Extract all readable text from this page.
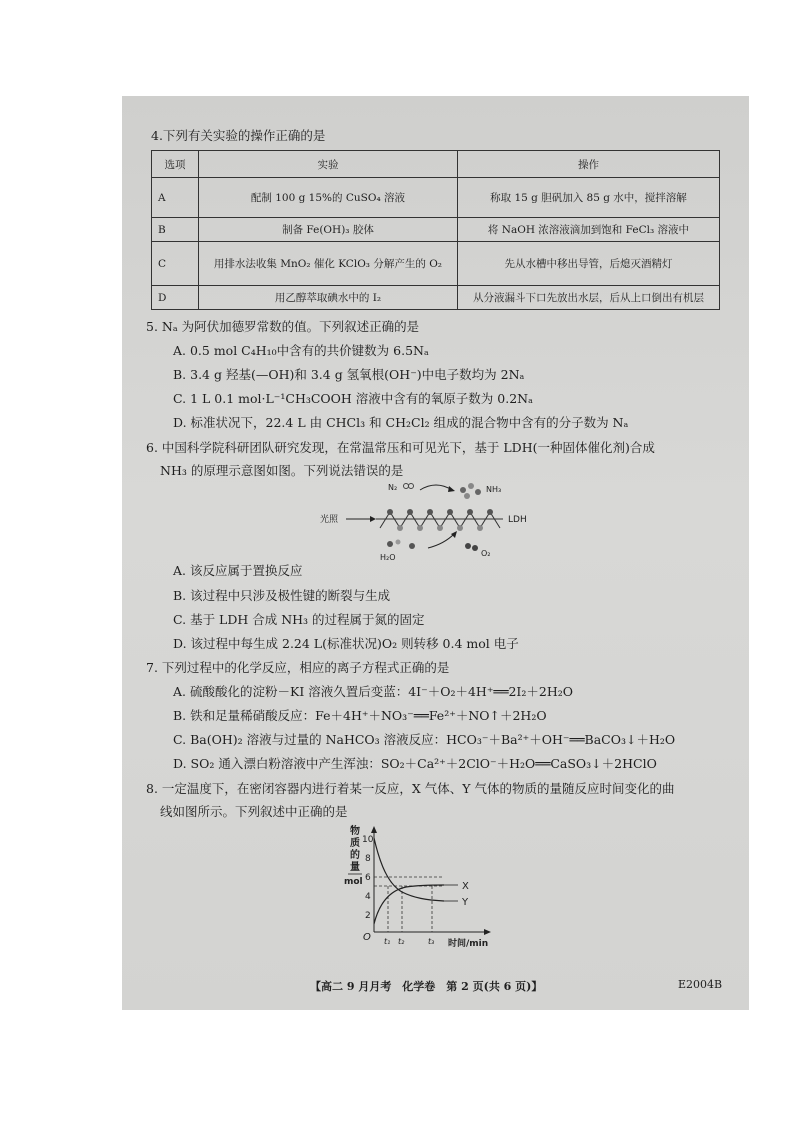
4.下列有关实验的操作正确的是
选项	实验	操作
A	配制 100 g 15%的 CuSO₄ 溶液	称取 15 g 胆矾加入 85 g 水中，搅拌溶解
B	制备 Fe(OH)₃ 胶体	将 NaOH 浓溶液滴加到饱和 FeCl₃ 溶液中
C	用排水法收集 MnO₂ 催化 KClO₃ 分解产生的 O₂	先从水槽中移出导管，后熄灭酒精灯
D	用乙醇萃取碘水中的 I₂	从分液漏斗下口先放出水层，后从上口倒出有机层
5. Nₐ 为阿伏加德罗常数的值。下列叙述正确的是
A. 0.5 mol C₄H₁₀中含有的共价键数为 6.5Nₐ
B. 3.4 g 羟基(—OH)和 3.4 g 氢氧根(OH⁻)中电子数均为 2Nₐ
C. 1 L 0.1 mol·L⁻¹CH₃COOH 溶液中含有的氧原子数为 0.2Nₐ
D. 标准状况下，22.4 L 由 CHCl₃ 和 CH₂Cl₂ 组成的混合物中含有的分子数为 Nₐ
6. 中国科学院科研团队研究发现，在常温常压和可见光下，基于 LDH(一种固体催化剂)合成
NH₃ 的原理示意图如图。下列说法错误的是
光照	LDH
N₂	NH₃
H₂O	O₂
A. 该反应属于置换反应
B. 该过程中只涉及极性键的断裂与生成
C. 基于 LDH 合成 NH₃ 的过程属于氮的固定
D. 该过程中每生成 2.24 L(标准状况)O₂ 则转移 0.4 mol 电子
7. 下列过程中的化学反应，相应的离子方程式正确的是
A. 硫酸酸化的淀粉－KI 溶液久置后变蓝：4I⁻＋O₂＋4H⁺══2I₂＋2H₂O
B. 铁和足量稀硝酸反应：Fe＋4H⁺＋NO₃⁻══Fe²⁺＋NO↑＋2H₂O
C. Ba(OH)₂ 溶液与过量的 NaHCO₃ 溶液反应：HCO₃⁻＋Ba²⁺＋OH⁻══BaCO₃↓＋H₂O
D. SO₂ 通入漂白粉溶液中产生浑浊：SO₂＋Ca²⁺＋2ClO⁻＋H₂O══CaSO₃↓＋2HClO
8. 一定温度下，在密闭容器内进行着某一反应，X 气体、Y 气体的物质的量随反应时间变化的曲
线如图所示。下列叙述中正确的是
物
质
的
量
mol
10
8
6
4
2
O
X
Y
t₁ t₂	t₃ 时间/min
【高二 9 月月考　化学卷　第 2 页(共 6 页)】	E2004B
